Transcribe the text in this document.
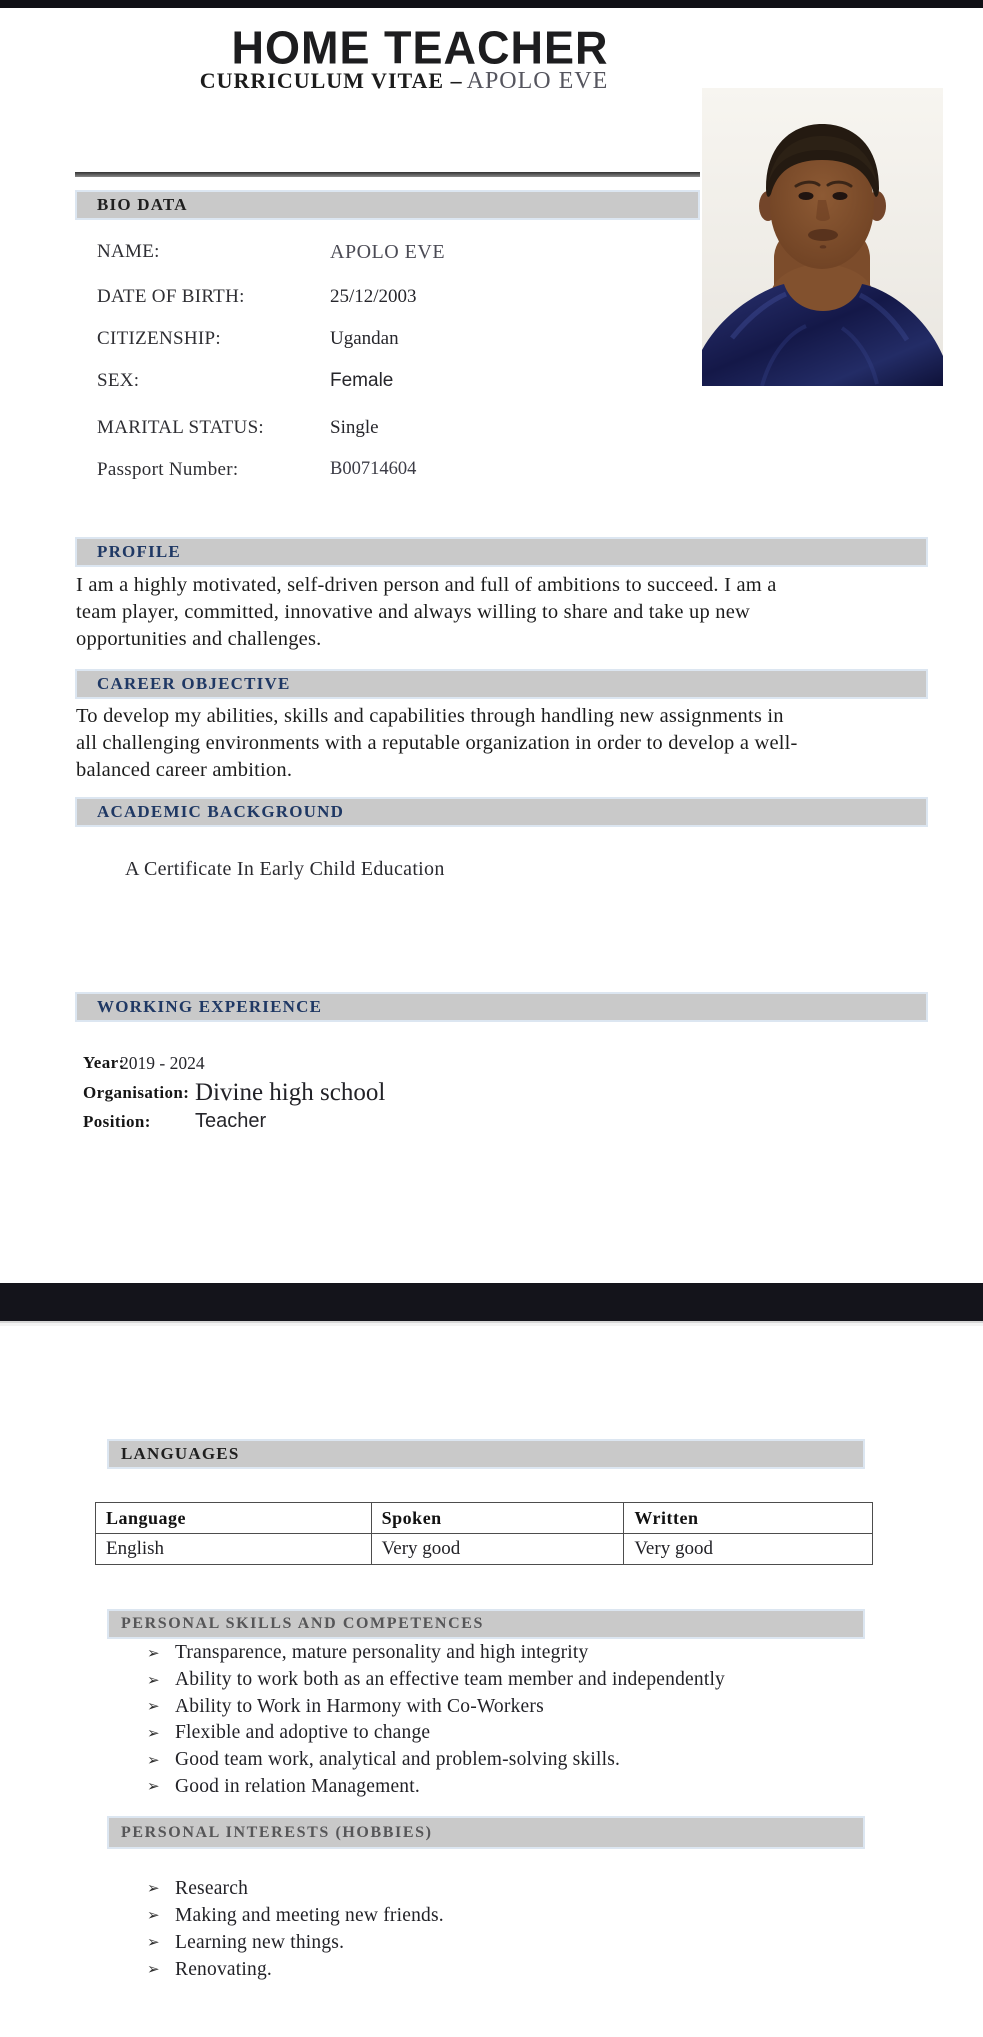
HOME TEACHER
CURRICULUM VITAE – APOLO EVE
BIO DATA
NAME:	APOLO EVE
DATE OF BIRTH:	25/12/2003
CITIZENSHIP:	Ugandan
SEX:	Female
MARITAL STATUS:	Single
Passport Number:	B00714604
PROFILE
I am a highly motivated, self-driven person and full of ambitions to succeed. I am a
team player, committed, innovative and always willing to share and take up new
opportunities and challenges.
CAREER OBJECTIVE
To develop my abilities, skills and capabilities through handling new assignments in
all challenging environments with a reputable organization in order to develop a well-
balanced career ambition.
ACADEMIC BACKGROUND
A Certificate In Early Child Education
WORKING EXPERIENCE
Year:
2019 - 2024
Organisation: Divine high school
Position: Teacher
LANGUAGES
Language	Spoken	Written
English	Very good	Very good
PERSONAL SKILLS AND COMPETENCES
➢ Transparence, mature personality and high integrity
➢ Ability to work both as an effective team member and independently
➢ Ability to Work in Harmony with Co-Workers
➢ Flexible and adoptive to change
➢ Good team work, analytical and problem-solving skills.
➢ Good in relation Management.
PERSONAL INTERESTS (HOBBIES)
➢ Research
➢ Making and meeting new friends.
➢ Learning new things.
➢ Renovating.
